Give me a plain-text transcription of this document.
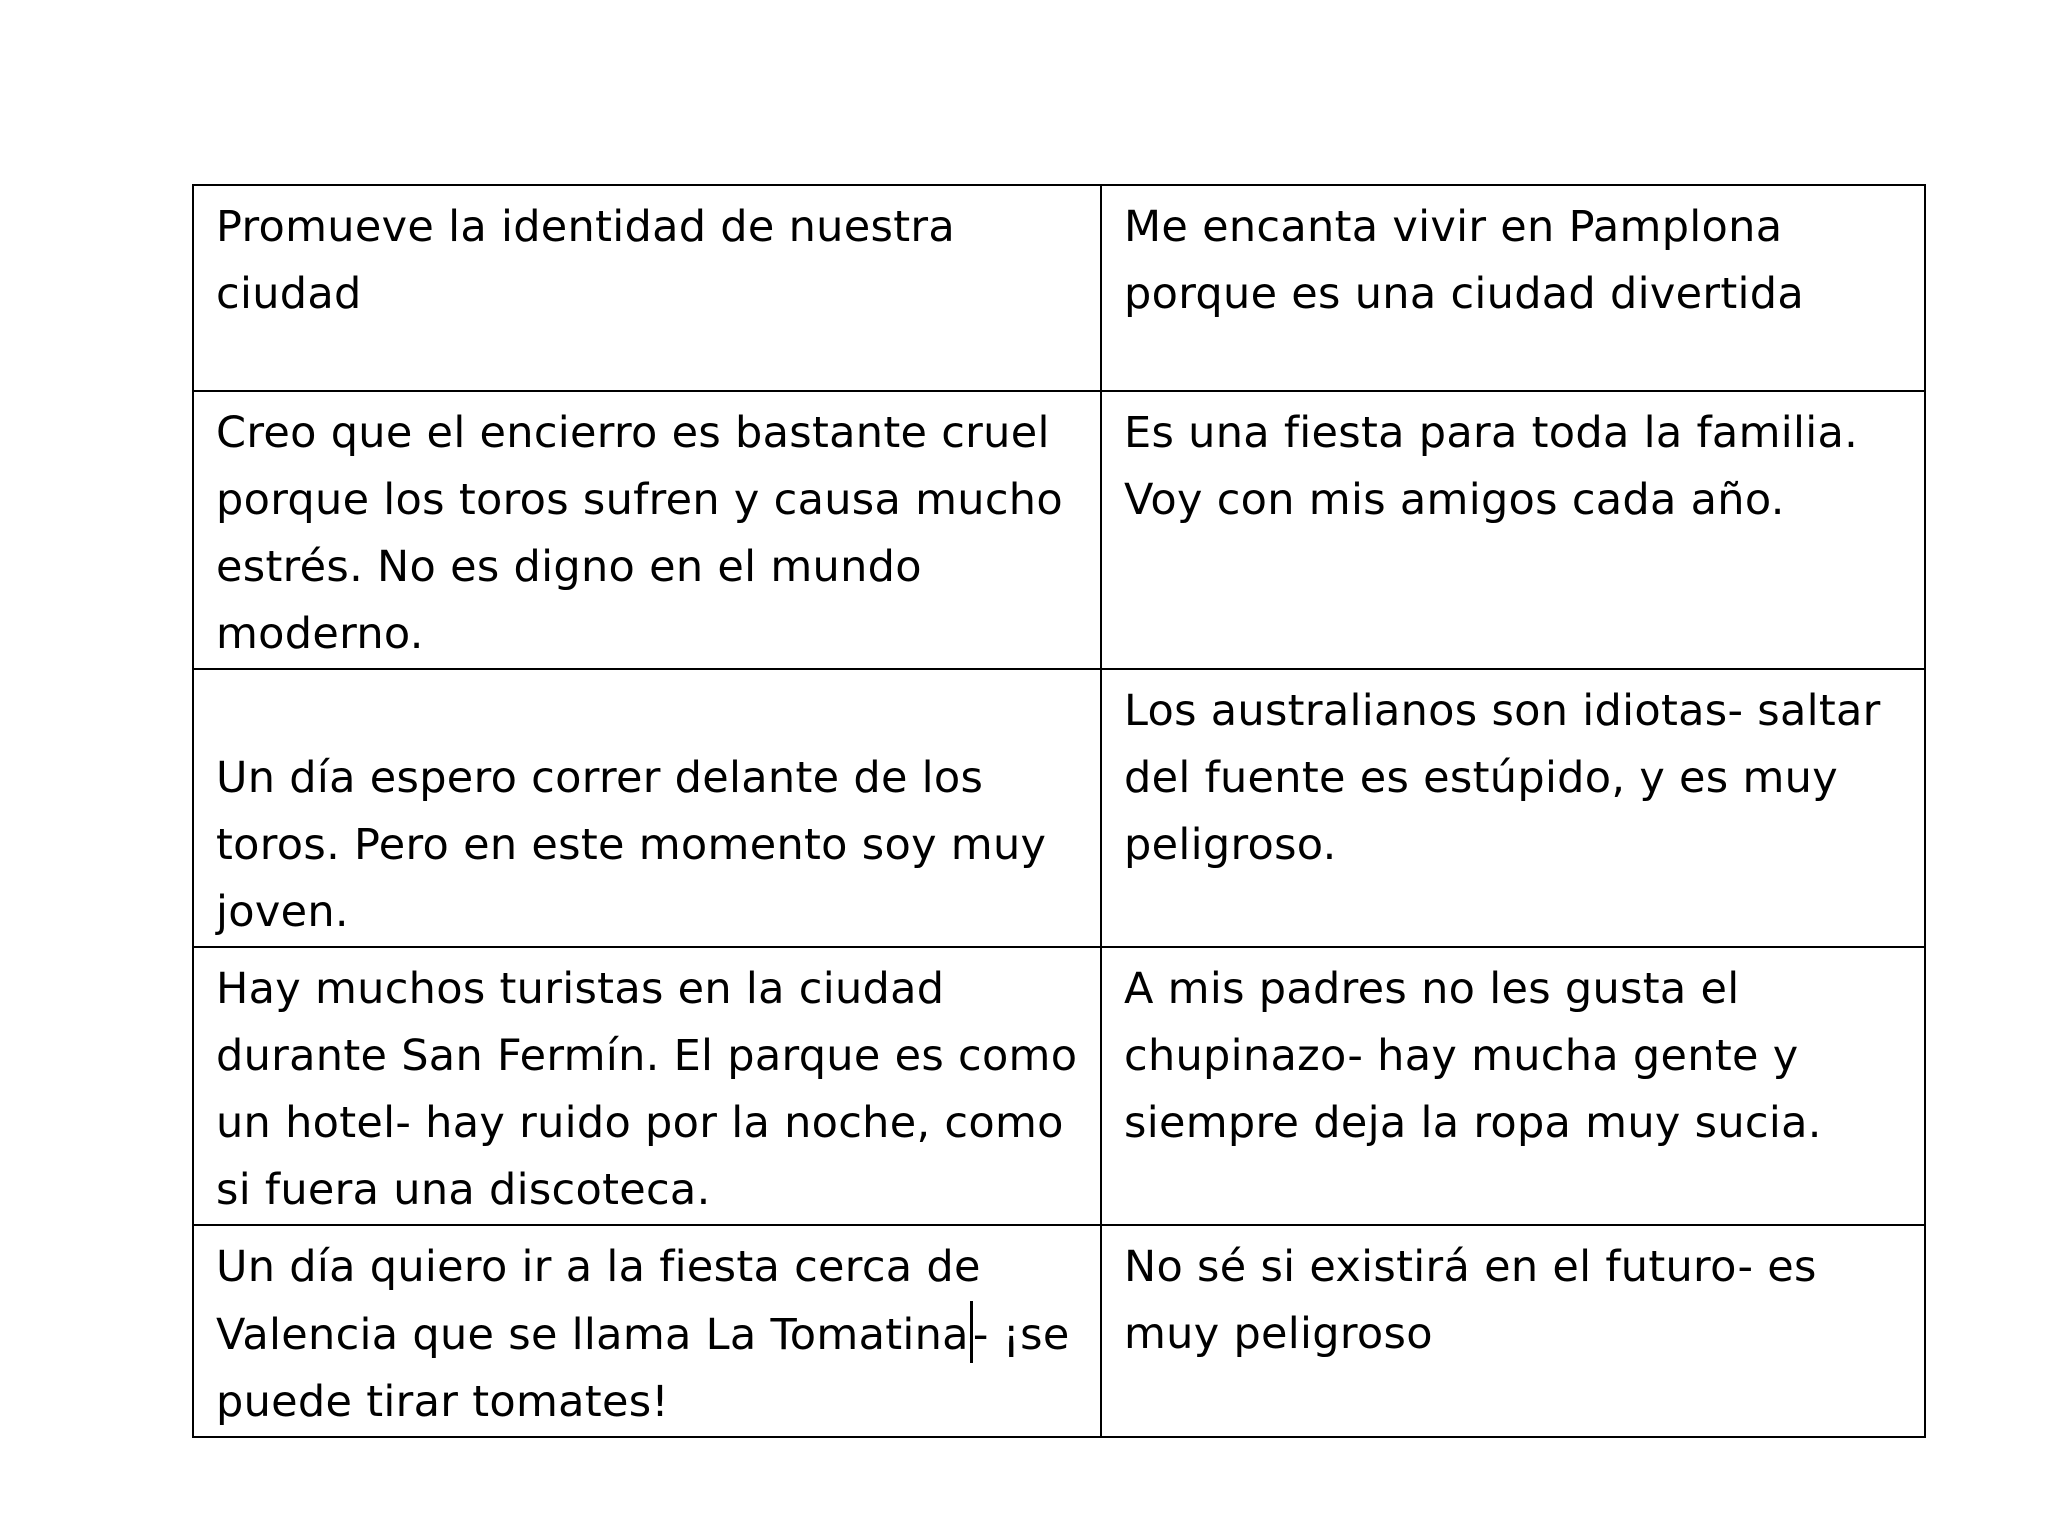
Promueve la identidad de nuestra ciudad	Me encanta vivir en Pamplona porque es una ciudad divertida

Creo que el encierro es bastante cruel porque los toros sufren y causa mucho estrés. No es digno en el mundo moderno.	Es una fiesta para toda la familia. Voy con mis amigos cada año.

Un día espero correr delante de los toros. Pero en este momento soy muy joven.	Los australianos son idiotas- saltar del fuente es estúpido, y es muy peligroso.

Hay muchos turistas en la ciudad durante San Fermín. El parque es como un hotel- hay ruido por la noche, como si fuera una discoteca.	A mis padres no les gusta el chupinazo- hay mucha gente y siempre deja la ropa muy sucia.

Un día quiero ir a la fiesta cerca de Valencia que se llama La Tomatina- ¡se puede tirar tomates!	No sé si existirá en el futuro- es muy peligroso
